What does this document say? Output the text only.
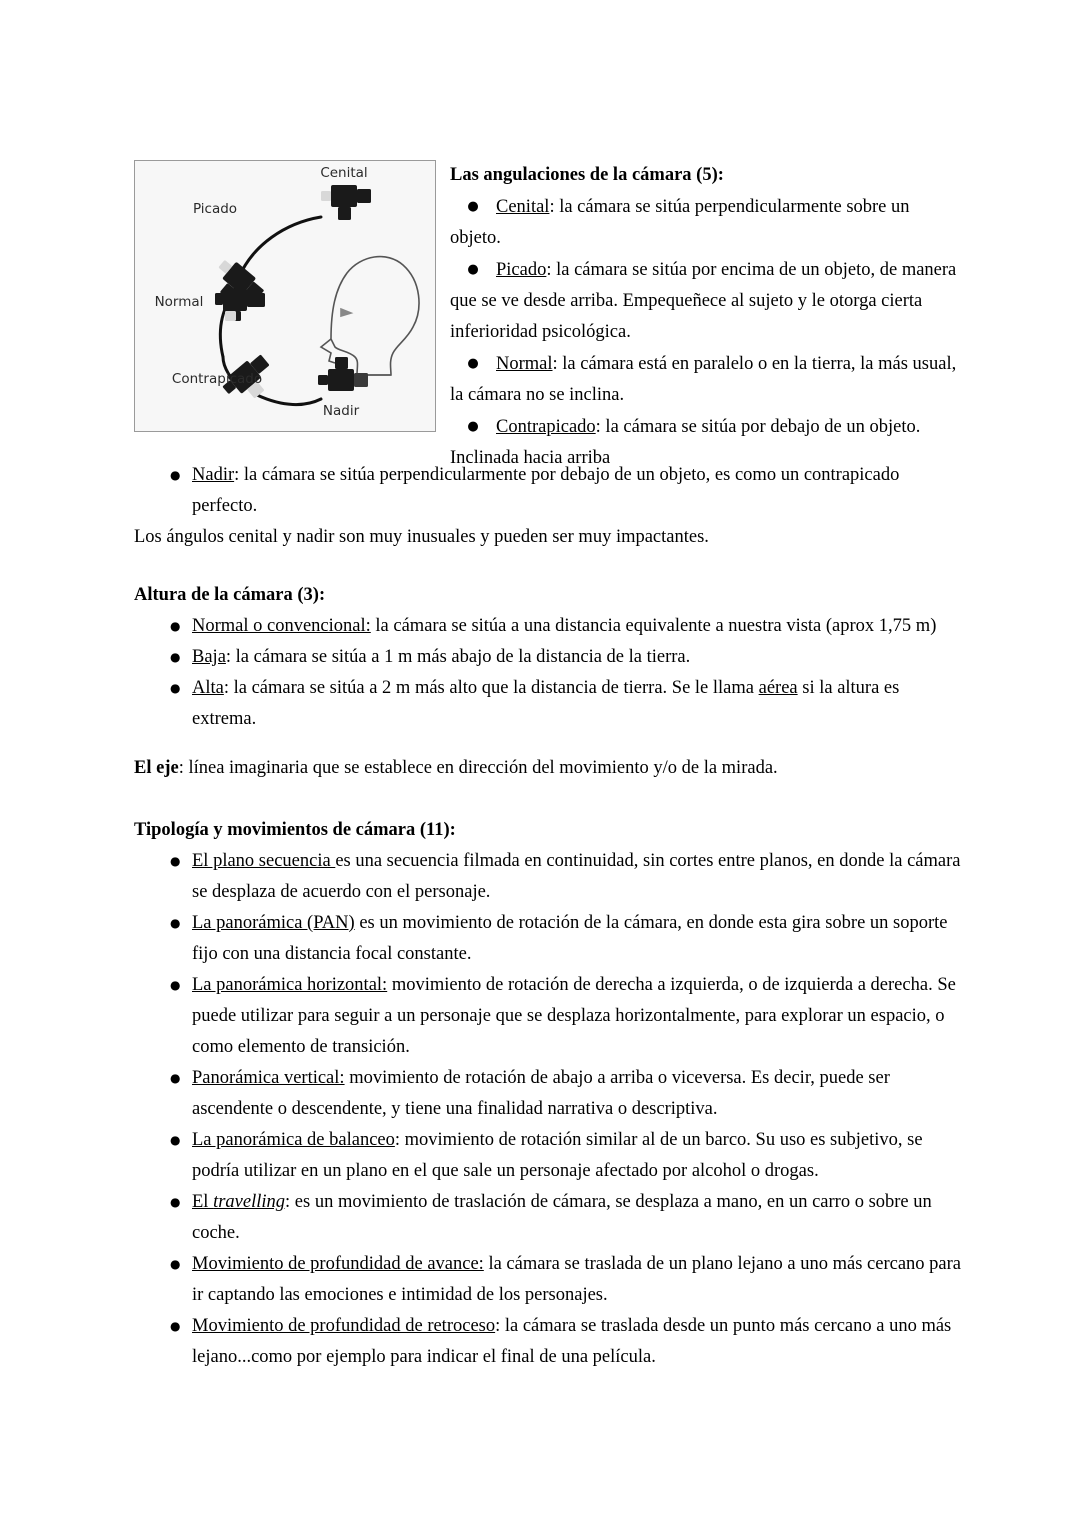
Cenital
Picado
Normal
Contrapicado
Nadir

Las angulaciones de la cámara (5):

● Cenital: la cámara se sitúa perpendicularmente sobre un objeto.

● Picado: la cámara se sitúa por encima de un objeto, de manera que se ve desde arriba. Empequeñece al sujeto y le otorga cierta inferioridad psicológica.

● Normal: la cámara está en paralelo o en la tierra, la más usual, la cámara no se inclina.

● Contrapicado: la cámara se sitúa por debajo de un objeto. Inclinada hacia arriba

● Nadir: la cámara se sitúa perpendicularmente por debajo de un objeto, es como un contrapicado perfecto.

Los ángulos cenital y nadir son muy inusuales y pueden ser muy impactantes.

Altura de la cámara (3):

● Normal o convencional: la cámara se sitúa a una distancia equivalente a nuestra vista (aprox 1,75 m)
● Baja: la cámara se sitúa a 1 m más abajo de la distancia de la tierra.
● Alta: la cámara se sitúa a 2 m más alto que la distancia de tierra. Se le llama aérea si la altura es extrema.

El eje: línea imaginaria que se establece en dirección del movimiento y/o de la mirada.

Tipología y movimientos de cámara (11):

● El plano secuencia es una secuencia filmada en continuidad, sin cortes entre planos, en donde la cámara se desplaza de acuerdo con el personaje.
● La panorámica (PAN) es un movimiento de rotación de la cámara, en donde esta gira sobre un soporte fijo con una distancia focal constante.
● La panorámica horizontal: movimiento de rotación de derecha a izquierda, o de izquierda a derecha. Se puede utilizar para seguir a un personaje que se desplaza horizontalmente, para explorar un espacio, o como elemento de transición.
● Panorámica vertical: movimiento de rotación de abajo a arriba o viceversa. Es decir, puede ser ascendente o descendente, y tiene una finalidad narrativa o descriptiva.
● La panorámica de balanceo: movimiento de rotación similar al de un barco. Su uso es subjetivo, se podría utilizar en un plano en el que sale un personaje afectado por alcohol o drogas.
● El travelling: es un movimiento de traslación de cámara, se desplaza a mano, en un carro o sobre un coche.
● Movimiento de profundidad de avance: la cámara se traslada de un plano lejano a uno más cercano para ir captando las emociones e intimidad de los personajes.
● Movimiento de profundidad de retroceso: la cámara se traslada desde un punto más cercano a uno más lejano...como por ejemplo para indicar el final de una película.
